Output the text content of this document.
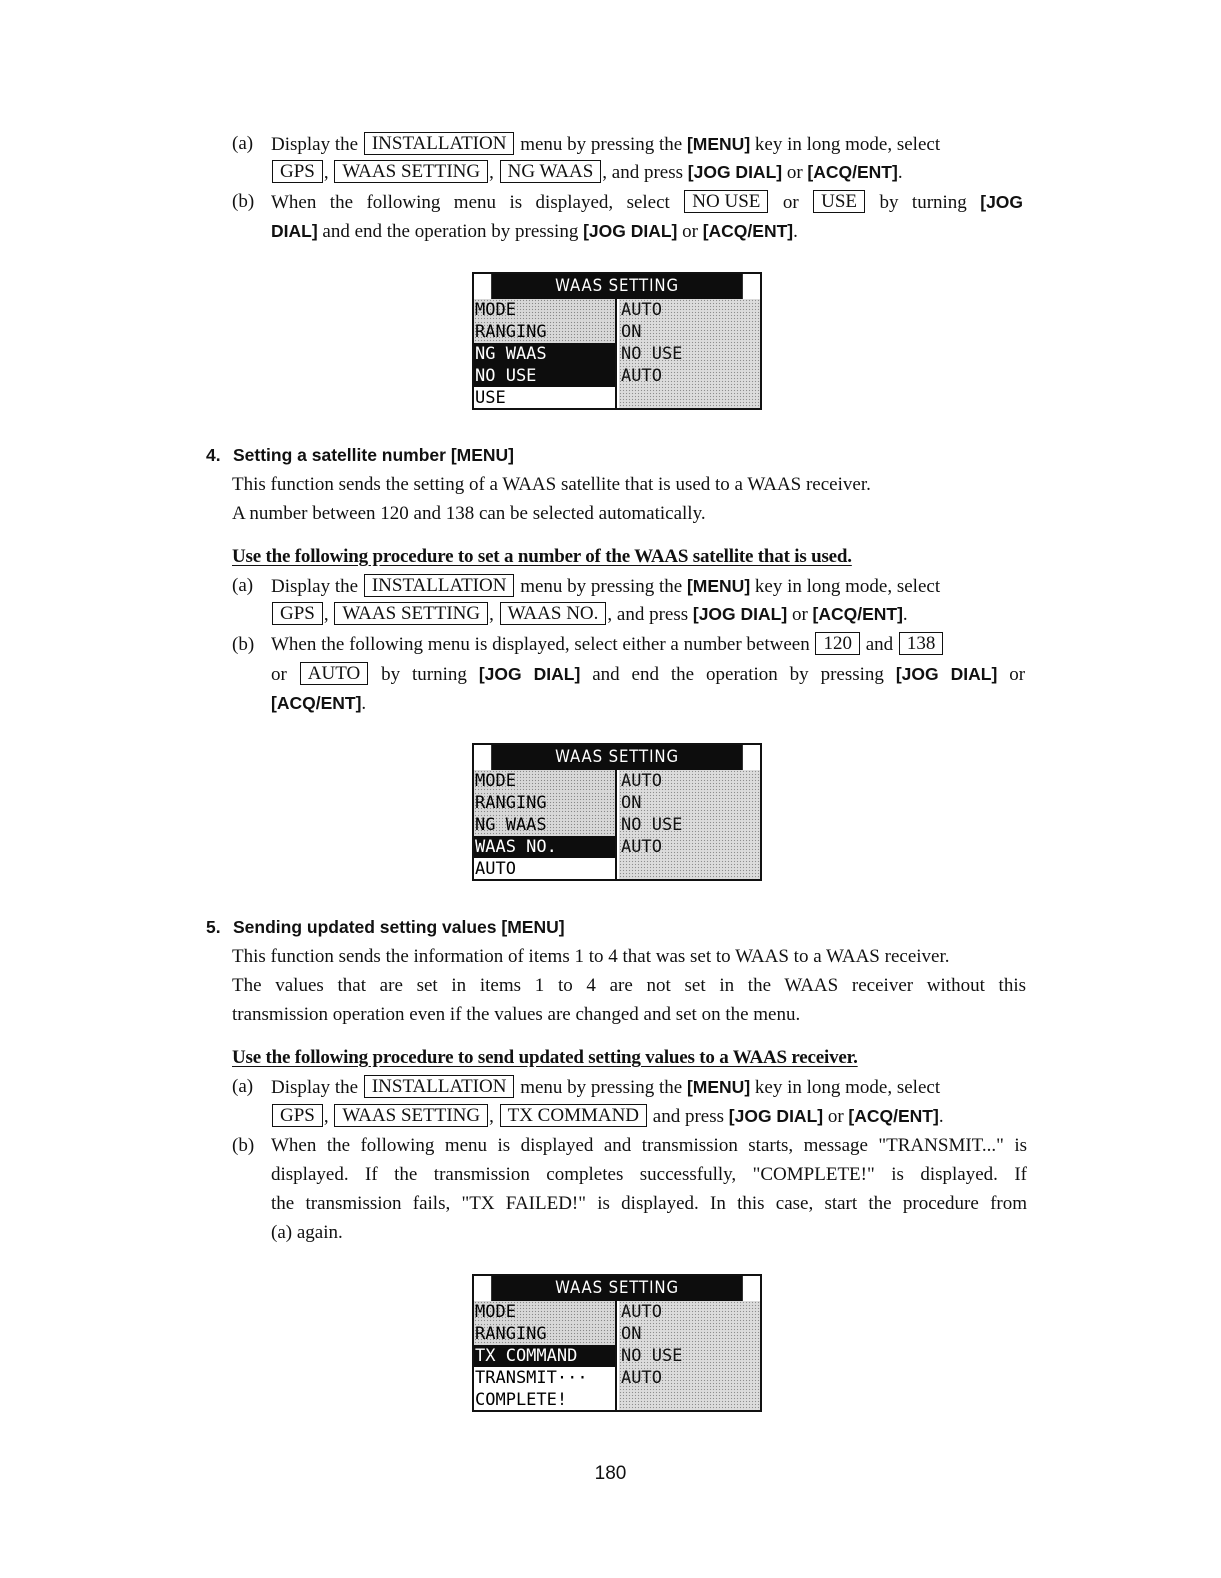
(a) Display the INSTALLATION menu by pressing the [MENU] key in long mode, select
GPS , WAAS SETTING , NG WAAS , and press [JOG DIAL] or [ACQ/ENT].
(b) When the following menu is displayed, select NO USE or USE by turning [JOG
DIAL] and end the operation by pressing [JOG DIAL] or [ACQ/ENT].
WAAS SETTING
MODE
RANGING
NG WAAS
NO USE
USE
AUTO
ON
NO USE
AUTO
4. Setting a satellite number [MENU]
This function sends the setting of a WAAS satellite that is used to a WAAS receiver.
A number between 120 and 138 can be selected automatically.
Use the following procedure to set a number of the WAAS satellite that is used.
(a) Display the INSTALLATION menu by pressing the [MENU] key in long mode, select
GPS , WAAS SETTING , WAAS NO. , and press [JOG DIAL] or [ACQ/ENT].
(b) When the following menu is displayed, select either a number between 120 and 138
or AUTO by turning [JOG DIAL] and end the operation by pressing [JOG DIAL] or
[ACQ/ENT].
WAAS SETTING
MODE
RANGING
NG WAAS
WAAS NO.
AUTO
AUTO
ON
NO USE
AUTO
5. Sending updated setting values [MENU]
This function sends the information of items 1 to 4 that was set to WAAS to a WAAS receiver.
The values that are set in items 1 to 4 are not set in the WAAS receiver without this
transmission operation even if the values are changed and set on the menu.
Use the following procedure to send updated setting values to a WAAS receiver.
(a) Display the INSTALLATION menu by pressing the [MENU] key in long mode, select
GPS , WAAS SETTING , TX COMMAND and press [JOG DIAL] or [ACQ/ENT].
(b) When the following menu is displayed and transmission starts, message "TRANSMIT..." is
displayed. If the transmission completes successfully, "COMPLETE!" is displayed. If
the transmission fails, "TX FAILED!" is displayed. In this case, start the procedure from
(a) again.
WAAS SETTING
MODE
RANGING
TX COMMAND
TRANSMIT···
COMPLETE!
AUTO
ON
NO USE
AUTO
180
